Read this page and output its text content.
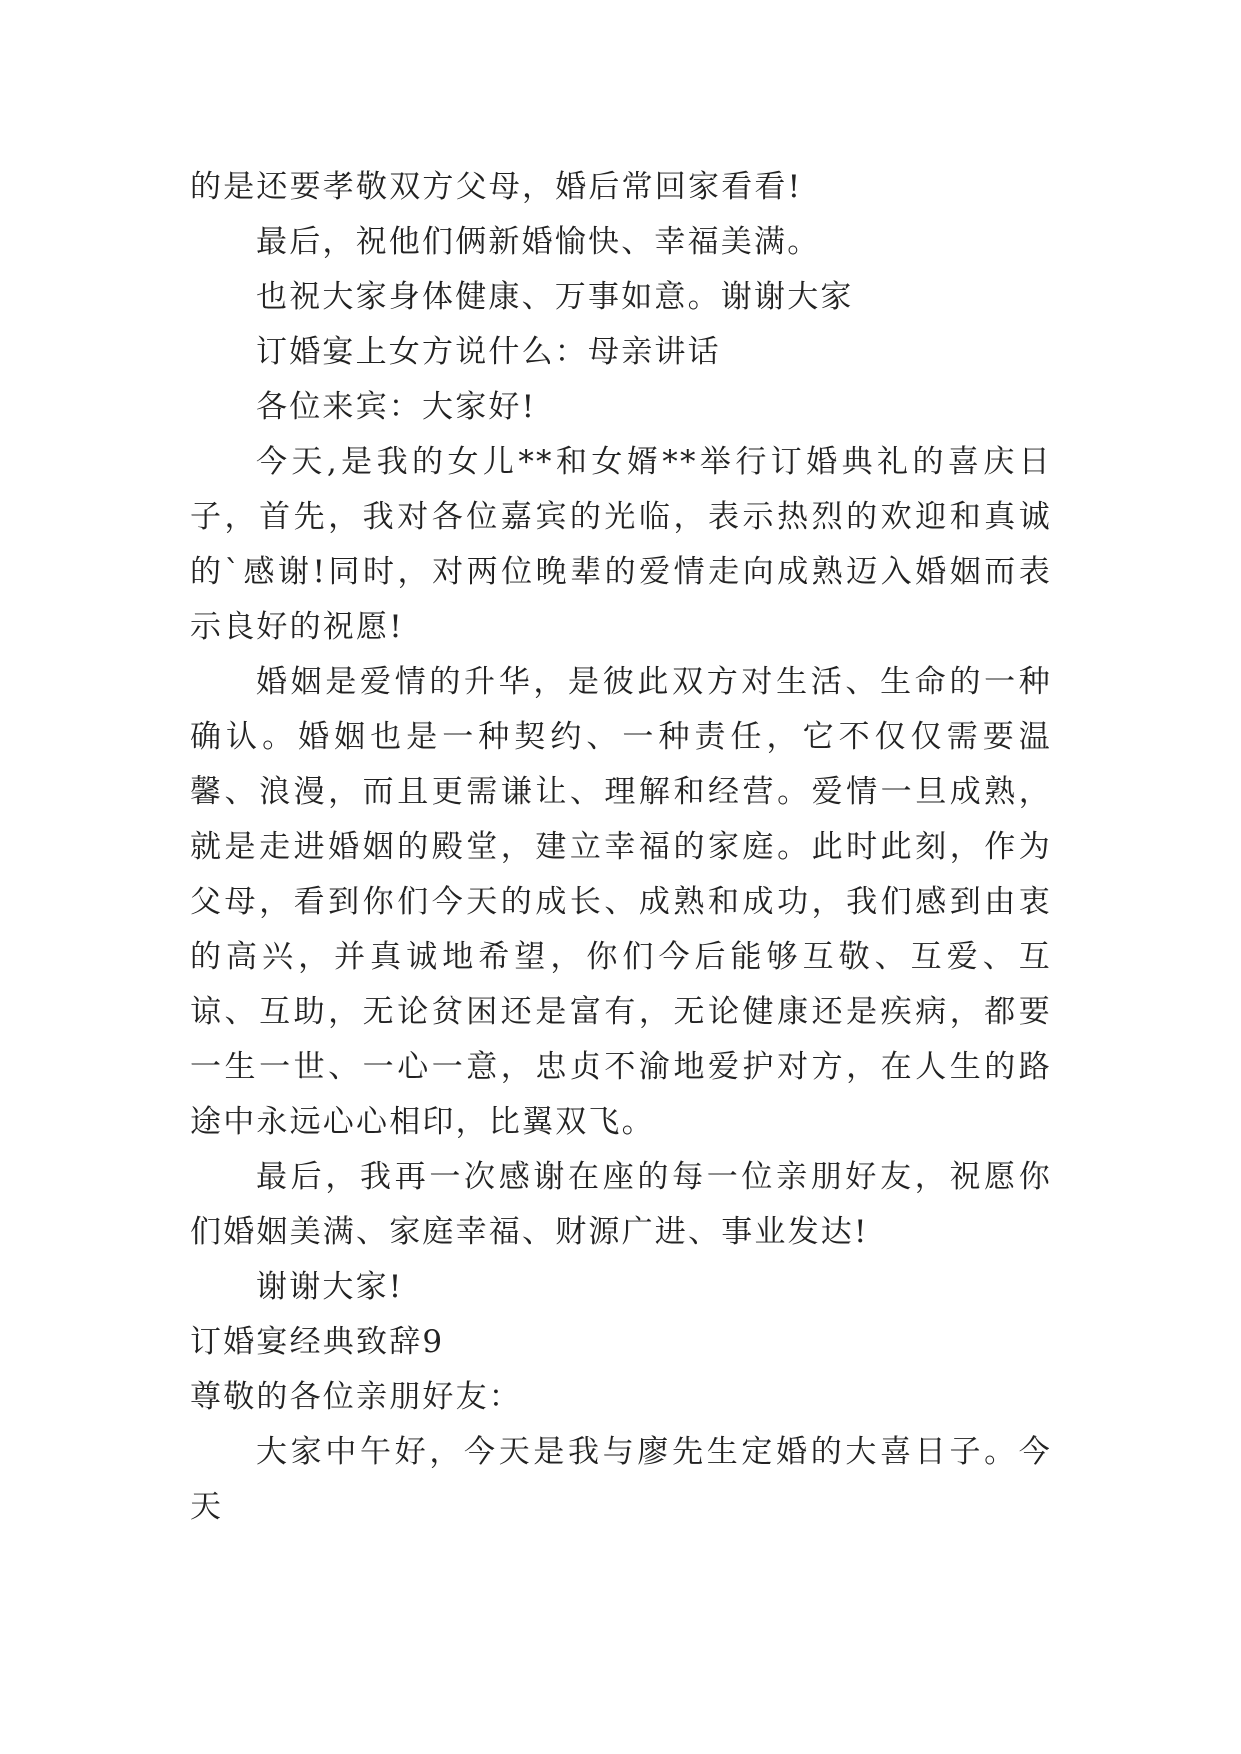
的是还要孝敬双方父母，婚后常回家看看!

最后，祝他们俩新婚愉快、幸福美满。

也祝大家身体健康、万事如意。谢谢大家

订婚宴上女方说什么：母亲讲话

各位来宾：大家好!

今天,是我的女儿**和女婿**举行订婚典礼的喜庆日子，首先，我对各位嘉宾的光临，表示热烈的欢迎和真诚的`感谢!同时，对两位晚辈的爱情走向成熟迈入婚姻而表示良好的祝愿!

婚姻是爱情的升华，是彼此双方对生活、生命的一种确认。婚姻也是一种契约、一种责任，它不仅仅需要温馨、浪漫，而且更需谦让、理解和经营。爱情一旦成熟，就是走进婚姻的殿堂，建立幸福的家庭。此时此刻，作为父母，看到你们今天的成长、成熟和成功，我们感到由衷的高兴，并真诚地希望，你们今后能够互敬、互爱、互谅、互助，无论贫困还是富有，无论健康还是疾病，都要一生一世、一心一意，忠贞不渝地爱护对方，在人生的路途中永远心心相印，比翼双飞。

最后，我再一次感谢在座的每一位亲朋好友，祝愿你们婚姻美满、家庭幸福、财源广进、事业发达!

谢谢大家!

订婚宴经典致辞9

尊敬的各位亲朋好友：

大家中午好，今天是我与廖先生定婚的大喜日子。今天
